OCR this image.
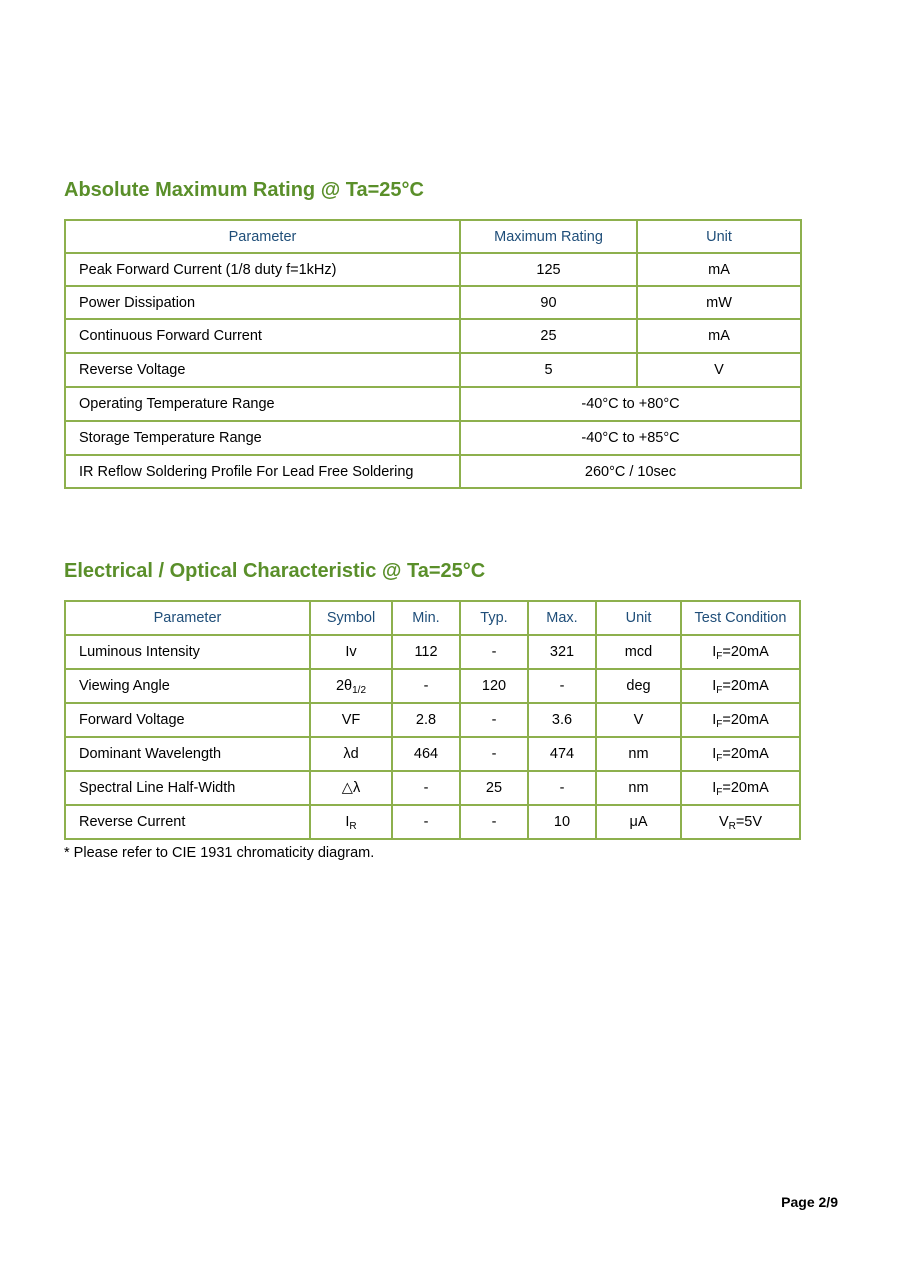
Absolute Maximum Rating @ Ta=25°C
Parameter	Maximum Rating	Unit
Peak Forward Current (1/8 duty f=1kHz)	125	mA
Power Dissipation	90	mW
Continuous Forward Current	25	mA
Reverse Voltage	5	V
Operating Temperature Range	-40°C to +80°C	
Storage Temperature Range	-40°C to +85°C	
IR Reflow Soldering Profile For Lead Free Soldering	260°C / 10sec	
Electrical / Optical Characteristic @ Ta=25°C
Parameter	Symbol	Min.	Typ.	Max.	Unit	Test Condition
Luminous Intensity	Iv	112	-	321	mcd	$I_F=20mA$
Viewing Angle	$2\theta_{1/2}$	-	120	-	deg	$I_F=20mA$
Forward Voltage	VF	2.8	-	3.6	V	$I_F=20mA$
Dominant Wavelength	λd	464	-	474	nm	$I_F=20mA$
Spectral Line Half-Width	△λ	-	25	-	nm	$I_F=20mA$
Reverse Current	$I_R$	-	-	10	μA	$V_R=5V$
* Please refer to CIE 1931 chromaticity diagram.
Page 2/9
